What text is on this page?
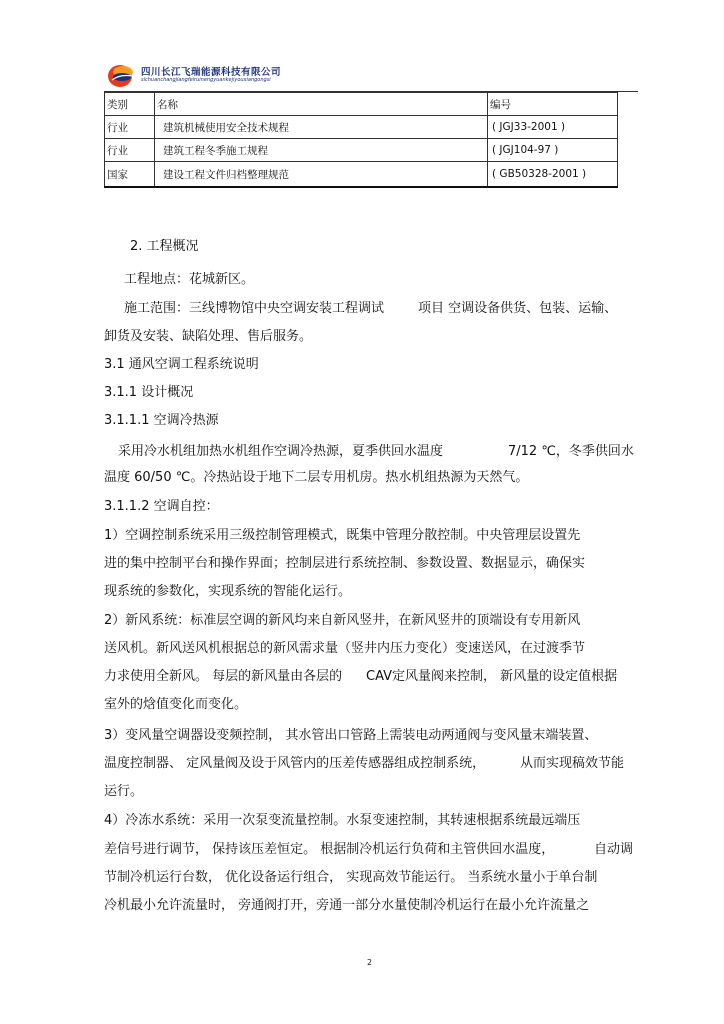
四川长江飞瑞能源科技有限公司
sichuanchangjiangfeiruinengyuankejiyouxiangongsi
类别	名称	编号
行业	建筑机械使用安全技术规程	( JGJ33-2001 )
行业	建筑工程冬季施工规程	( JGJ104-97 )
国家	建设工程文件归档整理规范	( GB50328-2001 )
2. 工程概况
工程地点：花城新区。
施工范围：三线博物馆中央空调安装工程调试	项目 空调设备供货、包装、运输、
卸货及安装、缺陷处理、售后服务。
3.1 通风空调工程系统说明
3.1.1 设计概况
3.1.1.1 空调冷热源
采用冷水机组加热水机组作空调冷热源，夏季供回水温度	7/12 ℃，冬季供回水
温度 60/50 ℃。冷热站设于地下二层专用机房。热水机组热源为天然气。
3.1.1.2 空调自控：
1）空调控制系统采用三级控制管理模式，既集中管理分散控制。中央管理层设置先
进的集中控制平台和操作界面；控制层进行系统控制、参数设置、数据显示，确保实
现系统的参数化，实现系统的智能化运行。
2）新风系统：标准层空调的新风均来自新风竖井，在新风竖井的顶端设有专用新风
送风机。新风送风机根据总的新风需求量（竖井内压力变化）变速送风，在过渡季节
力求使用全新风。 每层的新风量由各层的 CAV定风量阀来控制， 新风量的设定值根据
室外的焓值变化而变化。
3）变风量空调器设变频控制， 其水管出口管路上需装电动两通阀与变风量末端装置、
温度控制器、 定风量阀及设于风管内的压差传感器组成控制系统，	从而实现稿效节能
运行。
4）冷冻水系统：采用一次泵变流量控制。水泵变速控制，其转速根据系统最远端压
差信号进行调节， 保持该压差恒定。 根据制冷机运行负荷和主管供回水温度，	自动调
节制冷机运行台数， 优化设备运行组合， 实现高效节能运行。 当系统水量小于单台制
冷机最小允许流量时， 旁通阀打开，旁通一部分水量使制冷机运行在最小允许流量之
2
